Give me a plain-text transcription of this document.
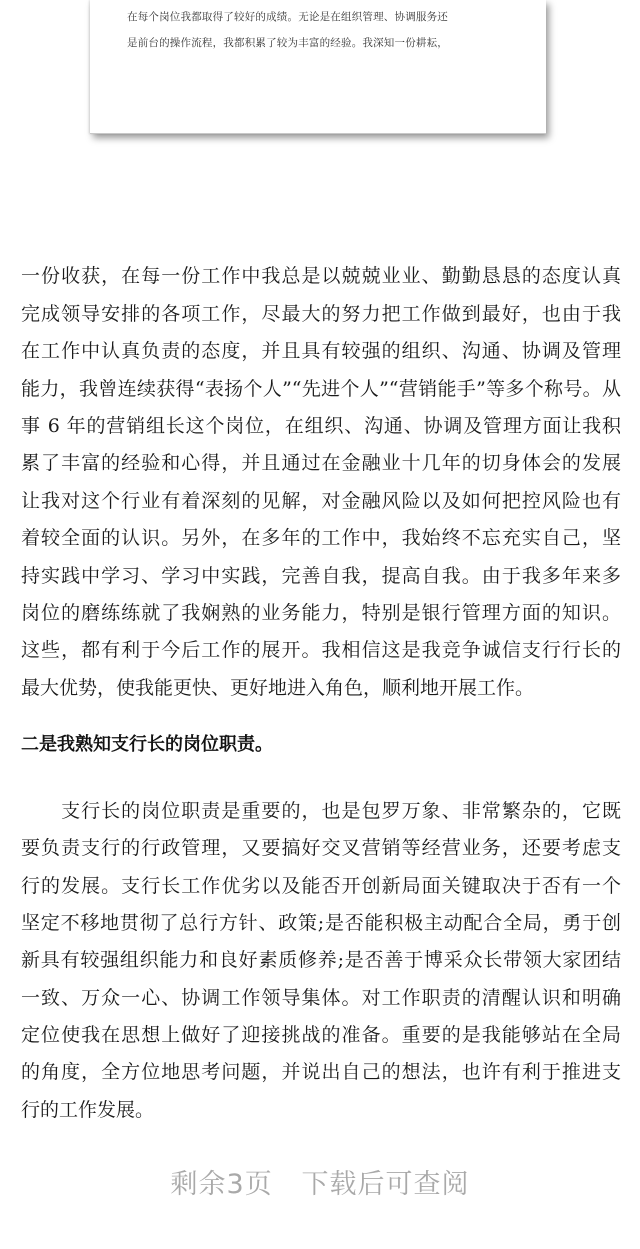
在每个岗位我都取得了较好的成绩。无论是在组织管理、协调服务还
是前台的操作流程，我都积累了较为丰富的经验。我深知一份耕耘，
一份收获，在每一份工作中我总是以兢兢业业、勤勤恳恳的态度认真
完成领导安排的各项工作，尽最大的努力把工作做到最好，也由于我
在工作中认真负责的态度，并且具有较强的组织、沟通、协调及管理
能力，我曾连续获得“表扬个人”“先进个人”“营销能手”等多个称号。从
事 6 年的营销组长这个岗位，在组织、沟通、协调及管理方面让我积
累了丰富的经验和心得，并且通过在金融业十几年的切身体会的发展
让我对这个行业有着深刻的见解，对金融风险以及如何把控风险也有
着较全面的认识。另外，在多年的工作中，我始终不忘充实自己，坚
持实践中学习、学习中实践，完善自我，提高自我。由于我多年来多
岗位的磨练练就了我娴熟的业务能力，特别是银行管理方面的知识。
这些，都有利于今后工作的展开。我相信这是我竞争诚信支行行长的
最大优势，使我能更快、更好地进入角色，顺利地开展工作。
二是我熟知支行长的岗位职责。
　　支行长的岗位职责是重要的，也是包罗万象、非常繁杂的，它既
要负责支行的行政管理，又要搞好交叉营销等经营业务，还要考虑支
行的发展。支行长工作优劣以及能否开创新局面关键取决于否有一个
坚定不移地贯彻了总行方针、政策;是否能积极主动配合全局，勇于创
新具有较强组织能力和良好素质修养;是否善于博采众长带领大家团结
一致、万众一心、协调工作领导集体。对工作职责的清醒认识和明确
定位使我在思想上做好了迎接挑战的准备。重要的是我能够站在全局
的角度，全方位地思考问题，并说出自己的想法，也许有利于推进支
行的工作发展。
剩余3页   下载后可查阅
